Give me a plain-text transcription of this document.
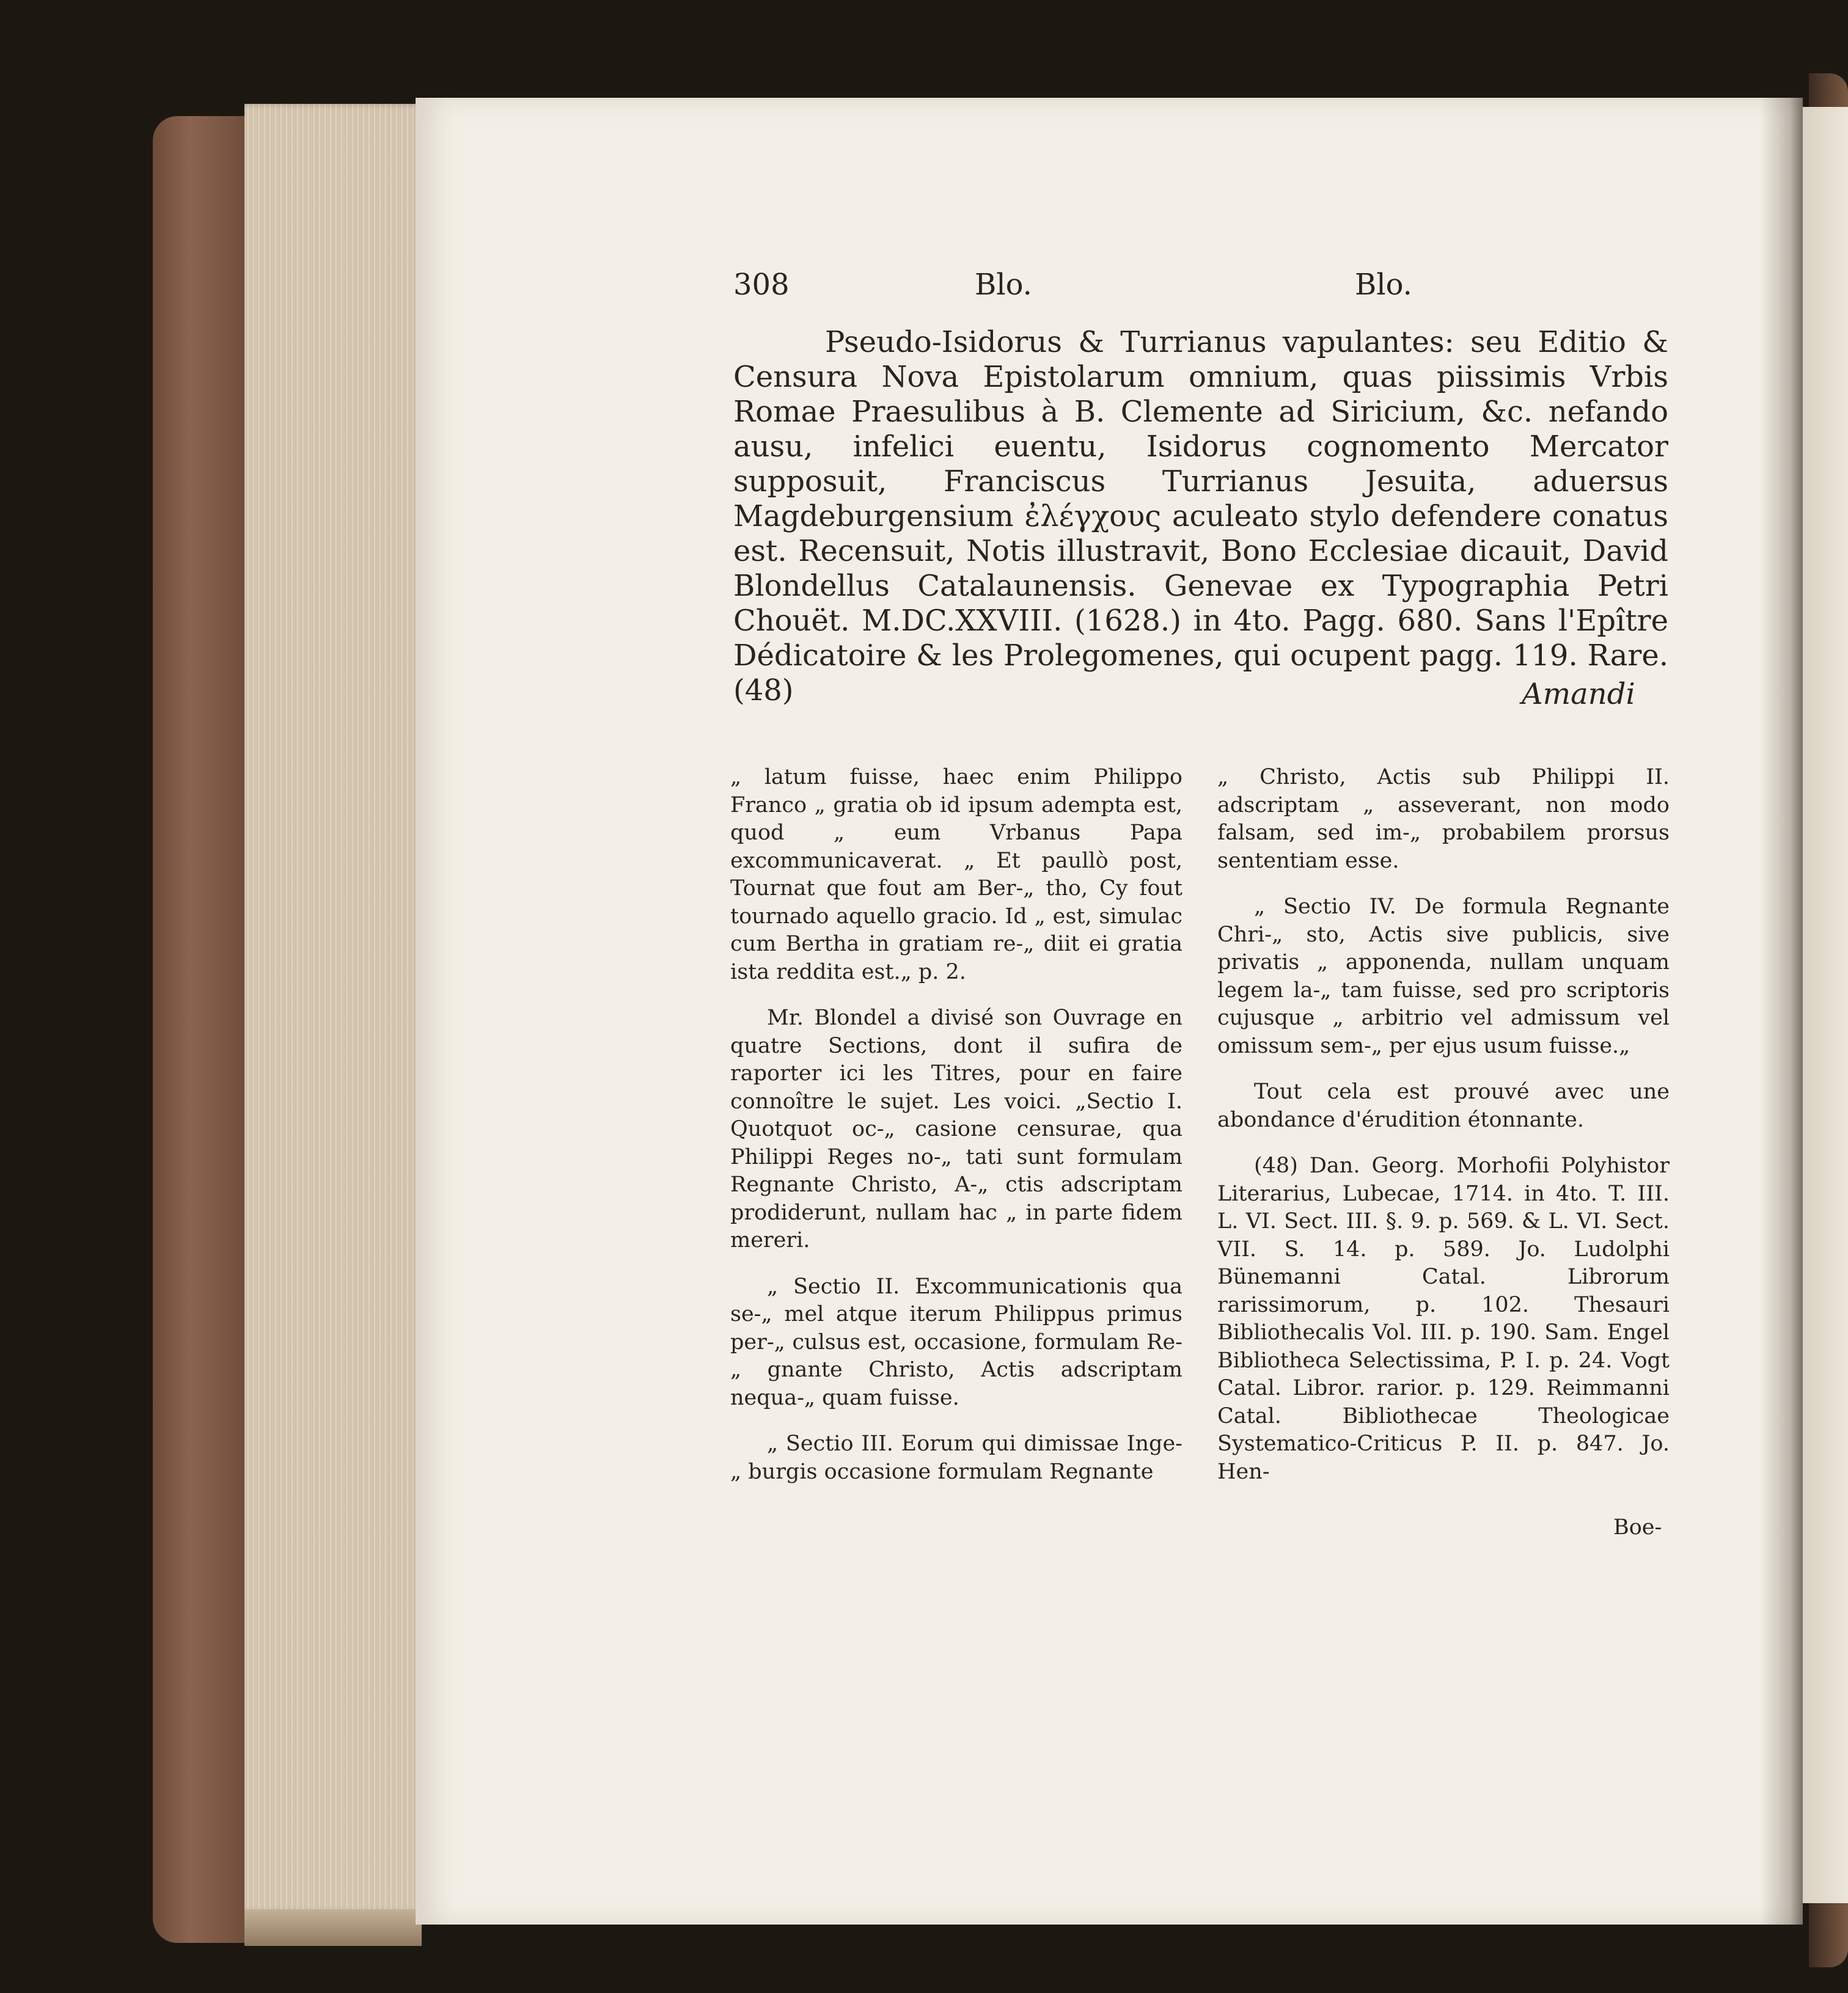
308	Blo.	Blo.

Pseudo-Isidorus & Turrianus vapulantes: seu Editio & Censura Nova Epistolarum omnium, quas piissimis Vrbis Romae Praesulibus à B. Clemente ad Siricium, &c. nefando ausu, infelici euentu, Isidorus cognomento Mercator supposuit, Franciscus Turrianus Jesuita, aduersus Magdeburgensium ἐλέγχους aculeato stylo defendere conatus est. Recensuit, Notis illustravit, Bono Ecclesiae dicauit, David Blondellus Catalaunensis. Genevae ex Typographia Petri Chouët. M.DC.XXVIII. (1628.) in 4to. Pagg. 680. Sans l'Epître Dédicatoire & les Prolegomenes, qui ocupent pagg. 119. Rare. (48)	Amandi

„ latum fuisse, haec enim Philippo Franco „ gratia ob id ipsum adempta est, quod „ eum Vrbanus Papa excommunicaverat. „ Et paullò post, Tournat que fout am Ber-„ tho, Cy fout tournado aquello gracio. Id „ est, simulac cum Bertha in gratiam re-„ diit ei gratia ista reddita est.„ p. 2.

Mr. Blondel a divisé son Ouvrage en quatre Sections, dont il sufira de raporter ici les Titres, pour en faire connoître le sujet. Les voici. „Sectio I. Quotquot oc-„ casione censurae, qua Philippi Reges no-„ tati sunt formulam Regnante Christo, A-„ ctis adscriptam prodiderunt, nullam hac „ in parte fidem mereri.

„ Sectio II. Excommunicationis qua se-„ mel atque iterum Philippus primus per-„ culsus est, occasione, formulam Re-„ gnante Christo, Actis adscriptam nequa-„ quam fuisse.

„ Sectio III. Eorum qui dimissae Inge-„ burgis occasione formulam Regnante

„ Christo, Actis sub Philippi II. adscriptam „ asseverant, non modo falsam, sed im-„ probabilem prorsus sententiam esse.

„ Sectio IV. De formula Regnante Chri-„ sto, Actis sive publicis, sive privatis „ apponenda, nullam unquam legem la-„ tam fuisse, sed pro scriptoris cujusque „ arbitrio vel admissum vel omissum sem-„ per ejus usum fuisse.„

Tout cela est prouvé avec une abondance d'érudition étonnante.

(48) Dan. Georg. Morhofii Polyhistor Literarius, Lubecae, 1714. in 4to. T. III. L. VI. Sect. III. §. 9. p. 569. & L. VI. Sect. VII. S. 14. p. 589. Jo. Ludolphi Bünemanni Catal. Librorum rarissimorum, p. 102. Thesauri Bibliothecalis Vol. III. p. 190. Sam. Engel Bibliotheca Selectissima, P. I. p. 24. Vogt Catal. Libror. rarior. p. 129. Reimmanni Catal. Bibliothecae Theologicae Systematico-Criticus P. II. p. 847. Jo. Hen-

Boe-
